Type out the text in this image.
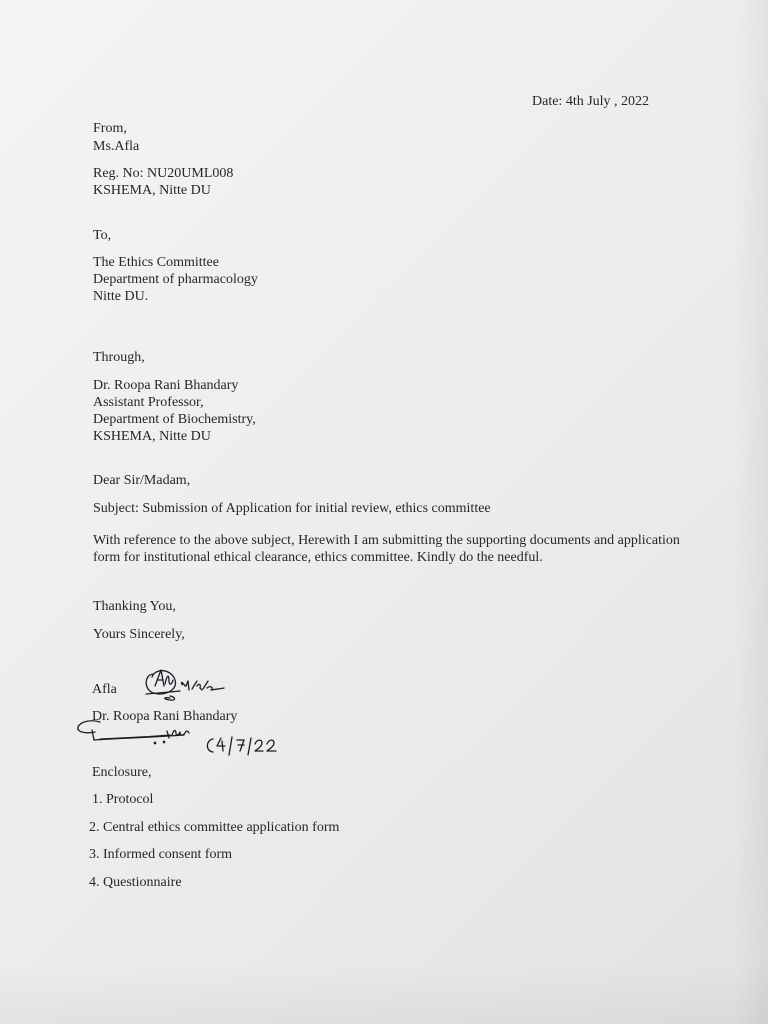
Date: 4th July , 2022
From,
Ms.Afla
Reg. No: NU20UML008
KSHEMA, Nitte DU
To,
The Ethics Committee
Department of pharmacology
Nitte DU.
Through,
Dr. Roopa Rani Bhandary
Assistant Professor,
Department of Biochemistry,
KSHEMA, Nitte DU
Dear Sir/Madam,
Subject: Submission of Application for initial review, ethics committee
With reference to the above subject, Herewith I am submitting the supporting documents and application form for institutional ethical clearance, ethics committee. Kindly do the needful.
Thanking You,
Yours Sincerely,
Afla
Dr. Roopa Rani Bhandary
Enclosure,
1. Protocol
2. Central ethics committee application form
3. Informed consent form
4. Questionnaire
